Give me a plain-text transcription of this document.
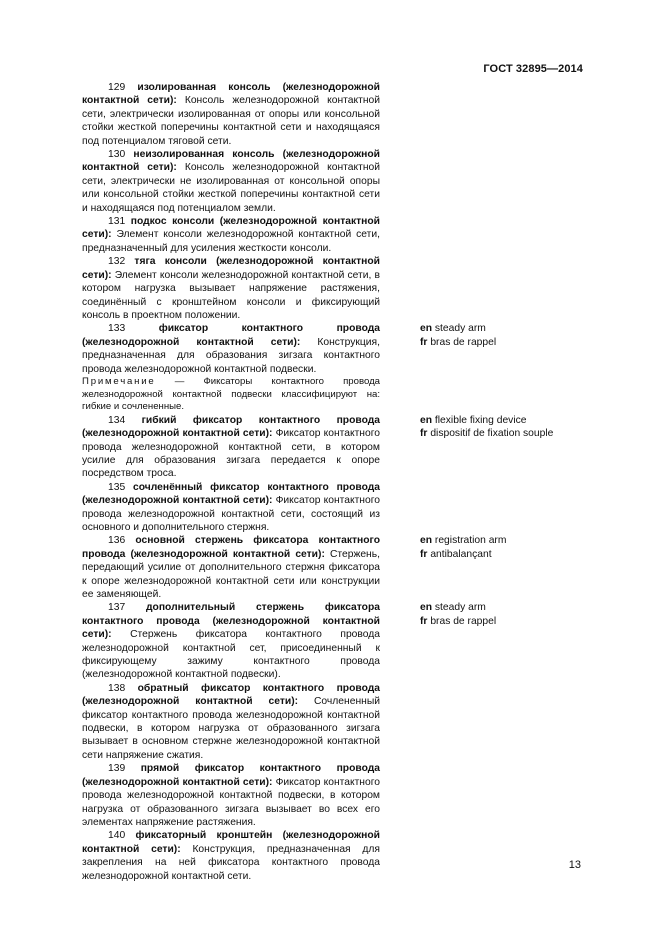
ГОСТ 32895—2014

129 изолированная консоль (железнодорожной контактной сети): Консоль железнодорожной контактной сети, электрически изолированная от опоры или консольной стойки жесткой поперечины контактной сети и находящаяся под потенциалом тяговой сети.

130 неизолированная консоль (железнодорожной контактной сети): Консоль железнодорожной контактной сети, электрически не изолированная от консольной опоры или консольной стойки жесткой поперечины контактной сети и находящаяся под потенциалом земли.

131 подкос консоли (железнодорожной контактной сети): Элемент консоли железнодорожной контактной сети, предназначенный для усиления жесткости консоли.

132 тяга консоли (железнодорожной контактной сети): Элемент консоли железнодорожной контактной сети, в котором нагрузка вызывает напряжение растяжения, соединённый с кронштейном консоли и фиксирующий консоль в проектном положении.

133	фиксатор контактного провода (железнодорожной контактной сети): Конструкция, предназначенная для образования зигзага контактного провода железнодорожной контактной подвески.

Примечание — Фиксаторы контактного провода железнодорожной контактной подвески классифицируют на: гибкие и сочлененные.

134 гибкий фиксатор контактного провода (железнодорожной контактной сети): Фиксатор контактного провода железнодорожной контактной сети, в котором усилие для образования зигзага передается к опоре посредством троса.

135 сочленённый фиксатор контактного провода (железнодорожной контактной сети): Фиксатор контактного провода железнодорожной контактной сети, состоящий из основного и дополнительного стержня.

136 основной стержень фиксатора контактного провода (железнодорожной контактной сети): Стержень, передающий усилие от дополнительного стержня фиксатора к опоре железнодорожной контактной сети или конструкции ее заменяющей.

137 дополнительный стержень фиксатора контактного провода (железнодорожной контактной сети): Стержень фиксатора контактного провода железнодорожной контактной сет, присоединенный к фиксирующему зажиму контактного провода (железнодорожной контактной подвески).

138 обратный фиксатор контактного провода (железнодорожной контактной сети): Сочлененный фиксатор контактного провода железнодорожной контактной подвески, в котором нагрузка от образованного зигзага вызывает в основном стержне железнодорожной контактной сети напряжение сжатия.

139 прямой фиксатор контактного провода (железнодорожной контактной сети): Фиксатор контактного провода железнодорожной контактной подвески, в котором нагрузка от образованного зигзага вызывает во всех его элементах напряжение растяжения.

140 фиксаторный кронштейн (железнодорожной контактной сети): Конструкция, предназначенная для закрепления на ней фиксатора контактного провода железнодорожной контактной сети.

en steady arm
fr bras de rappel
en flexible fixing device
fr dispositif de fixation souple
en registration arm
fr antibalançant
en steady arm
fr bras de rappel
13
